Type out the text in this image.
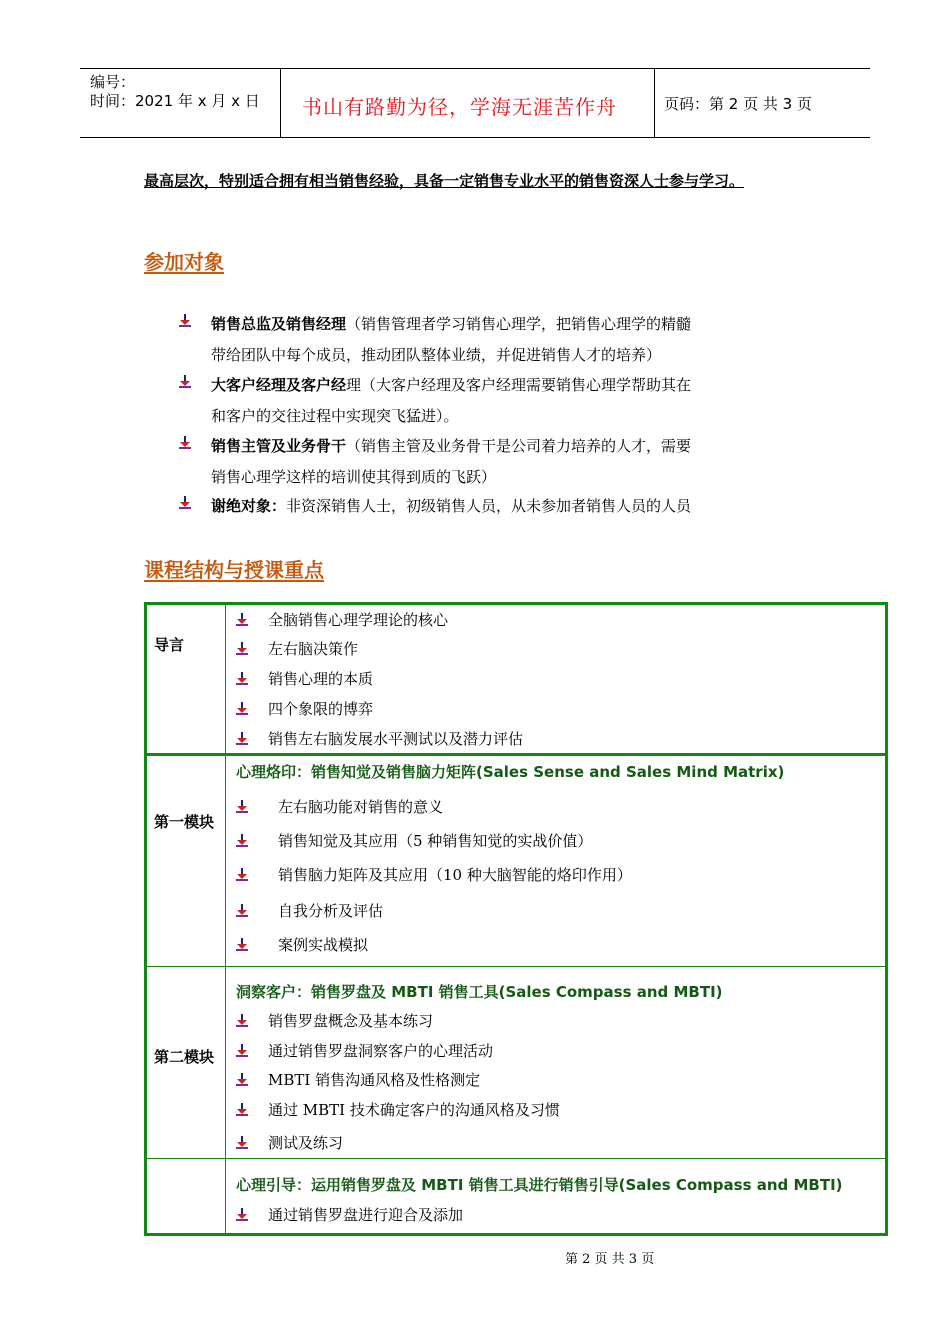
编号：
时间：2021 年 x 月 x 日 书山有路勤为径，学海无涯苦作舟	页码：第 2 页 共 3 页
最高层次，特别适合拥有相当销售经验，具备一定销售专业水平的销售资深人士参与学习。
参加对象
销售总监及销售经理（销售管理者学习销售心理学，把销售心理学的精髓
带给团队中每个成员，推动团队整体业绩，并促进销售人才的培养）
大客户经理及客户经理（大客户经理及客户经理需要销售心理学帮助其在
和客户的交往过程中实现突飞猛进）。
销售主管及业务骨干（销售主管及业务骨干是公司着力培养的人才，需要
销售心理学这样的培训使其得到质的飞跃）
谢绝对象：非资深销售人士，初级销售人员，从未参加者销售人员的人员
课程结构与授课重点
导言
第一模块
第二模块
心理烙印：销售知觉及销售脑力矩阵(Sales Sense and Sales Mind Matrix)
洞察客户：销售罗盘及 MBTI 销售工具(Sales Compass and MBTI)
心理引导：运用销售罗盘及 MBTI 销售工具进行销售引导(Sales Compass and MBTI)
全脑销售心理学理论的核心
左右脑决策作
销售心理的本质
四个象限的博弈
销售左右脑发展水平测试以及潜力评估
左右脑功能对销售的意义
销售知觉及其应用（5 种销售知觉的实战价值）
销售脑力矩阵及其应用（10 种大脑智能的烙印作用）
自我分析及评估
案例实战模拟
销售罗盘概念及基本练习
通过销售罗盘洞察客户的心理活动
MBTI 销售沟通风格及性格测定
通过 MBTI 技术确定客户的沟通风格及习惯
测试及练习
通过销售罗盘进行迎合及添加
第 2 页 共 3 页
